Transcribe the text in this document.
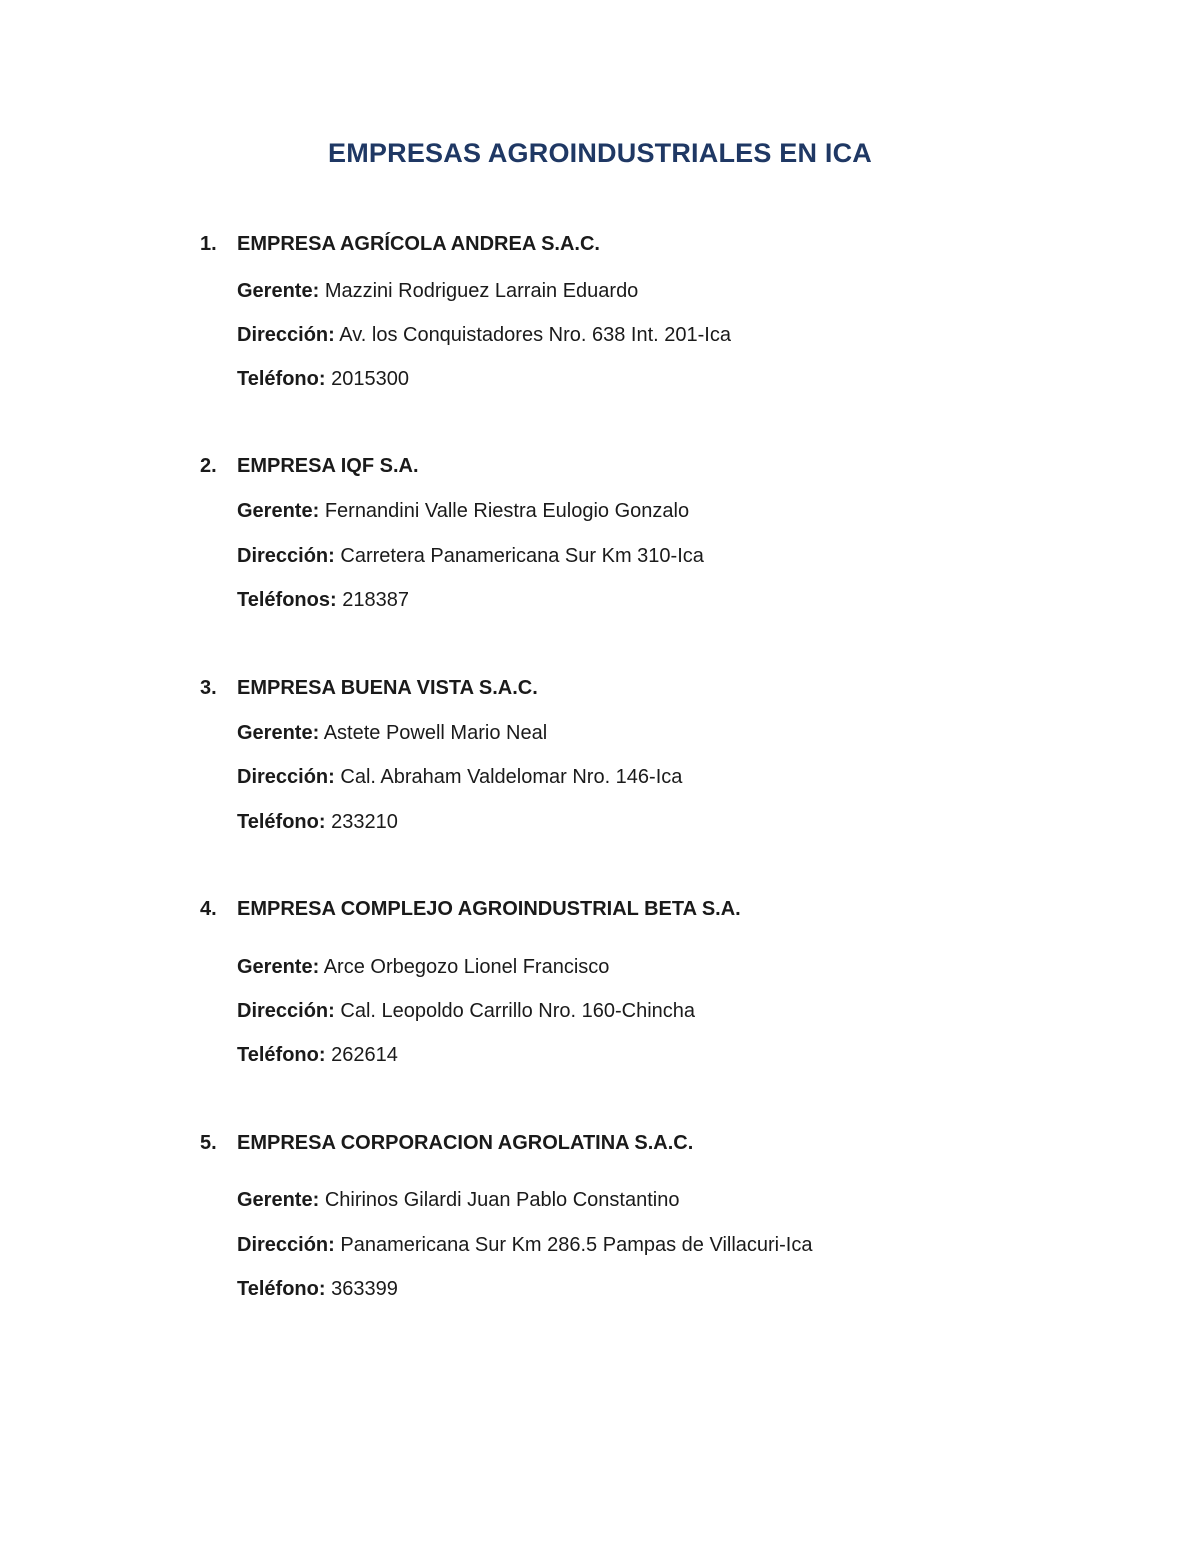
EMPRESAS AGROINDUSTRIALES EN ICA
1. EMPRESA AGRÍCOLA ANDREA S.A.C.
Gerente: Mazzini Rodriguez Larrain Eduardo
Dirección: Av. los Conquistadores Nro. 638 Int. 201-Ica
Teléfono: 2015300
2. EMPRESA IQF S.A.
Gerente: Fernandini Valle Riestra Eulogio Gonzalo
Dirección: Carretera Panamericana Sur Km 310-Ica
Teléfonos: 218387
3. EMPRESA BUENA VISTA S.A.C.
Gerente: Astete Powell Mario Neal
Dirección: Cal. Abraham Valdelomar Nro. 146-Ica
Teléfono: 233210
4. EMPRESA COMPLEJO AGROINDUSTRIAL BETA S.A.
Gerente: Arce Orbegozo Lionel Francisco
Dirección: Cal. Leopoldo Carrillo Nro. 160-Chincha
Teléfono: 262614
5. EMPRESA CORPORACION AGROLATINA S.A.C.
Gerente: Chirinos Gilardi Juan Pablo Constantino
Dirección: Panamericana Sur Km 286.5 Pampas de Villacuri-Ica
Teléfono: 363399
